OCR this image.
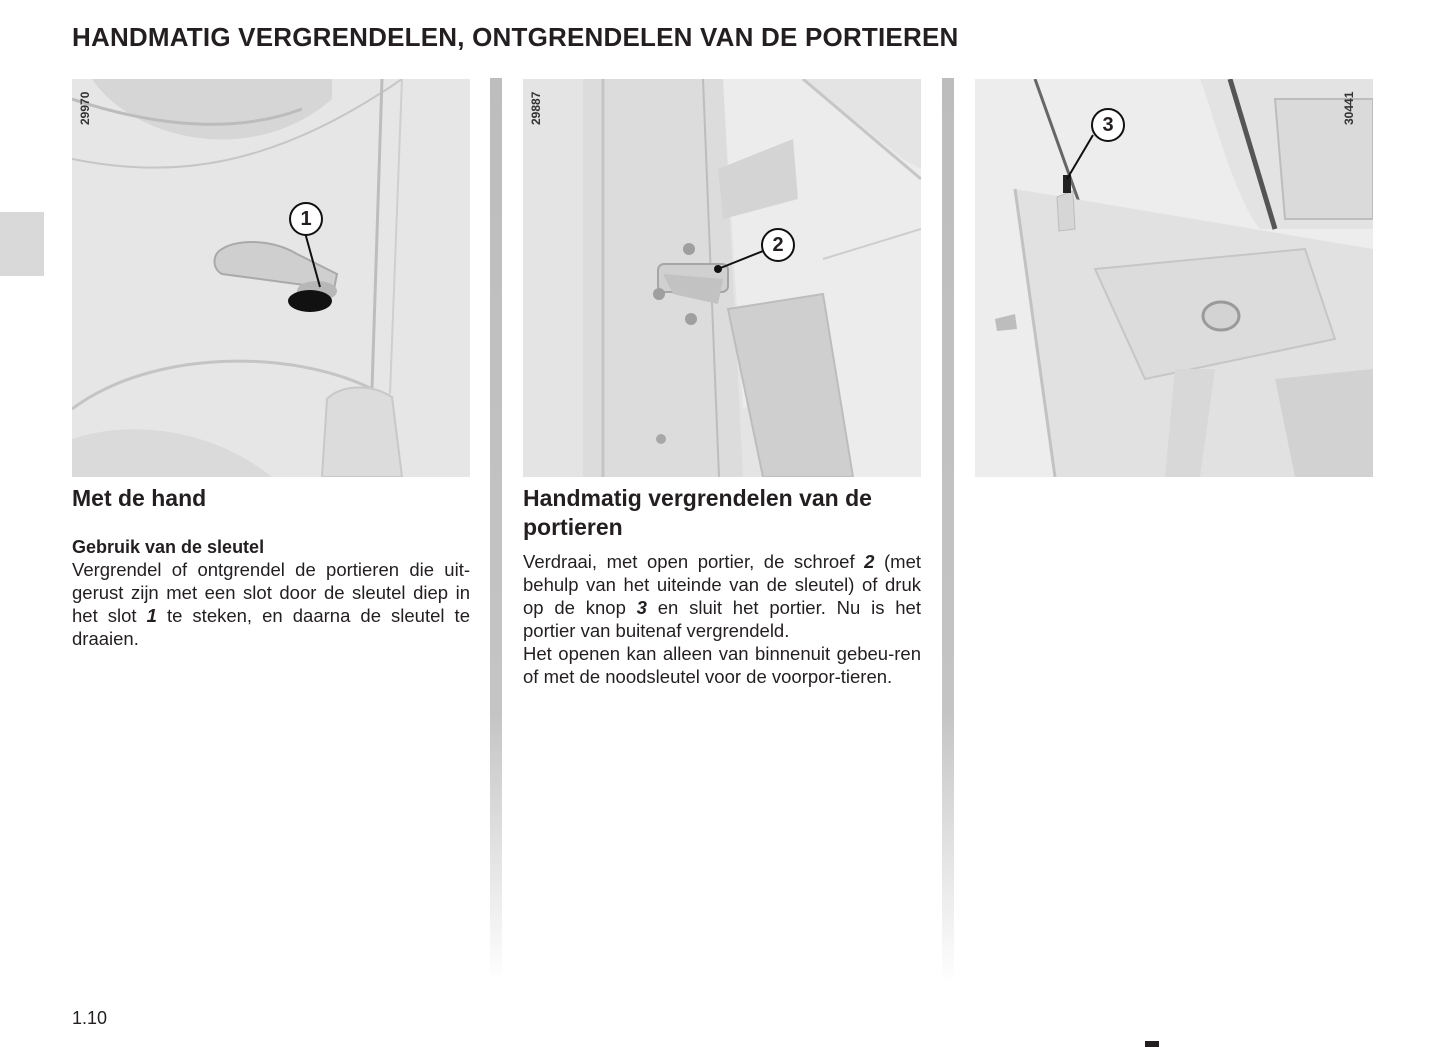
HANDMATIG VERGRENDELEN, ONTGRENDELEN VAN DE PORTIEREN
29970
1
29887
2
30441
3
Met de hand
Gebruik van de sleutel

Vergrendel of ontgrendel de portieren die uit-gerust zijn met een slot door de sleutel diep in het slot 1 te steken, en daarna de sleutel te draaien.

Handmatig vergrendelen van de portieren

Verdraai, met open portier, de schroef 2 (met behulp van het uiteinde van de sleutel) of druk op de knop 3 en sluit het portier. Nu is het portier van buitenaf vergrendeld.

Het openen kan alleen van binnenuit gebeu-ren of met de noodsleutel voor de voorpor-tieren.

1.10
